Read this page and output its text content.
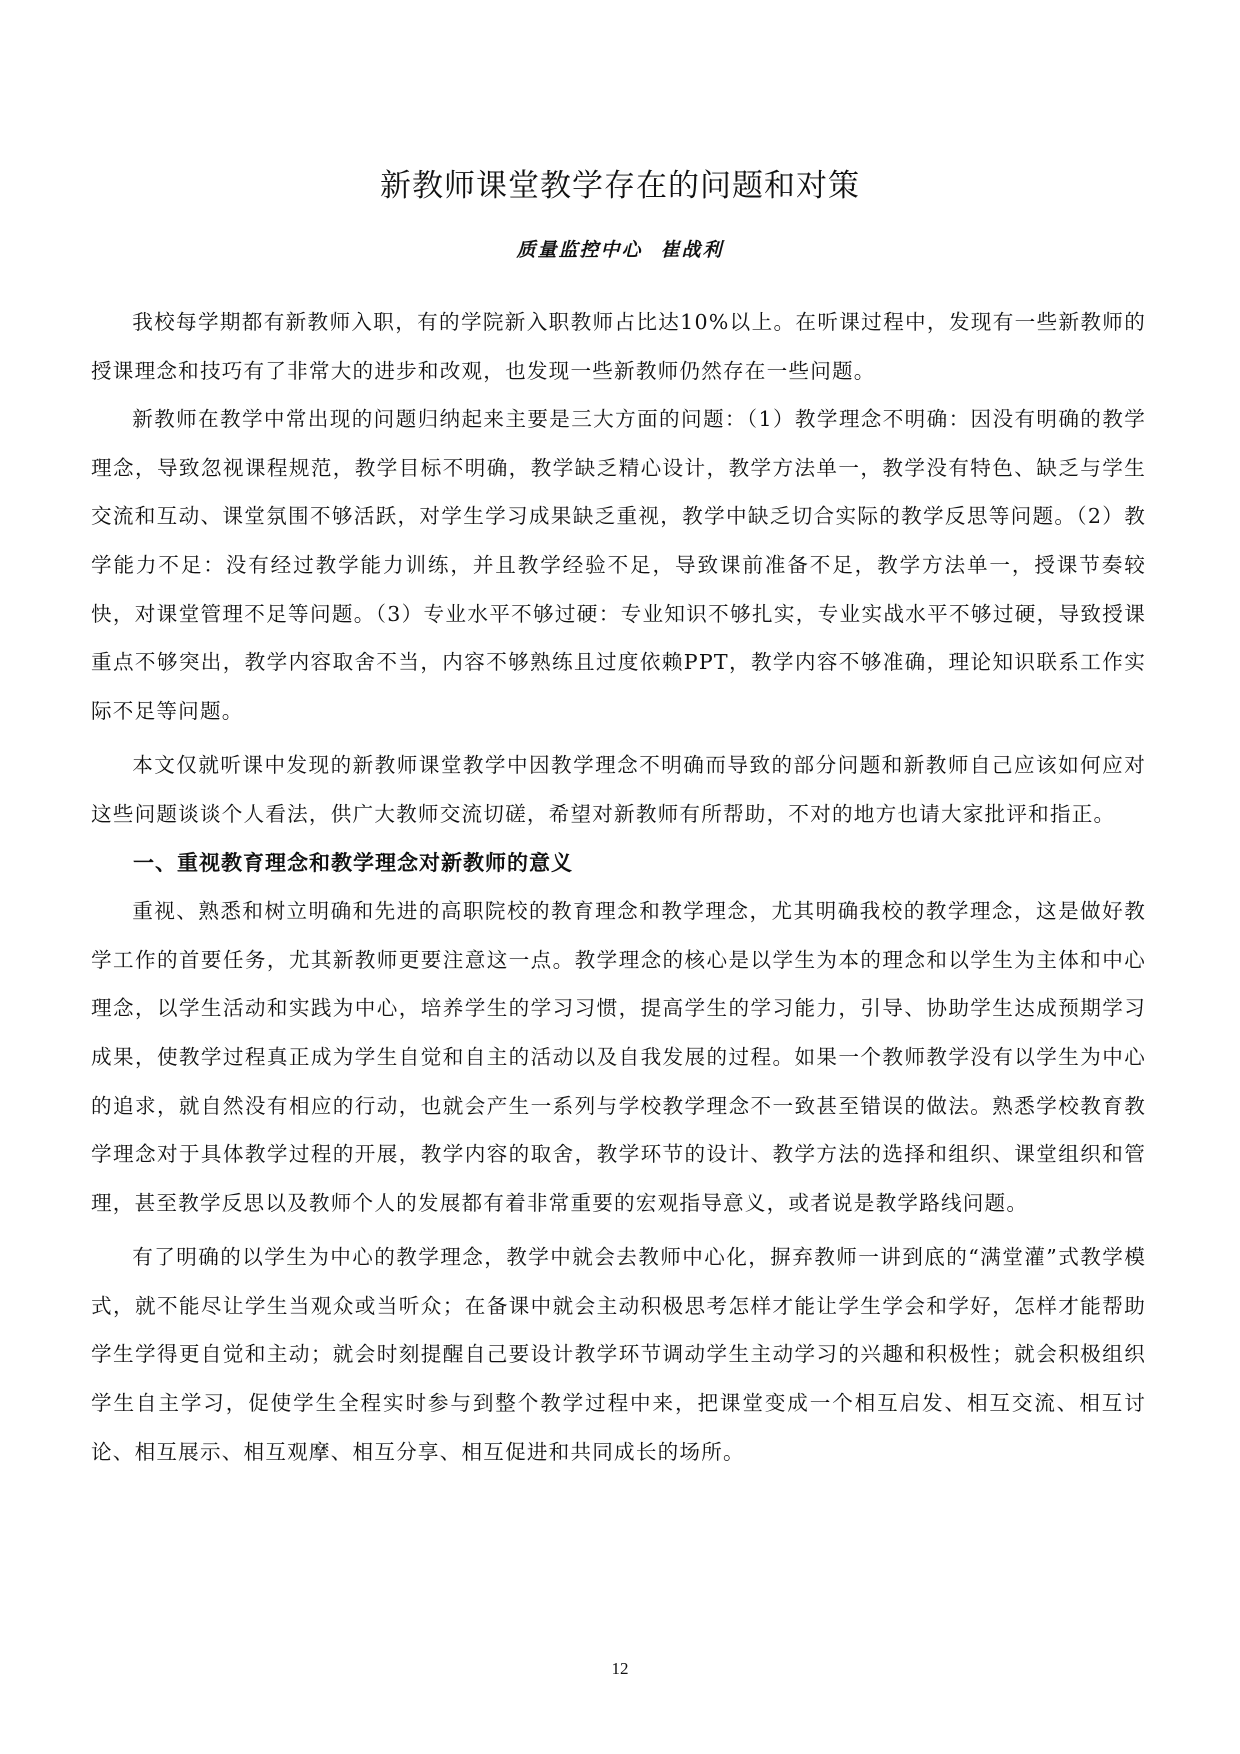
新教师课堂教学存在的问题和对策
质量监控中心 崔战利

我校每学期都有新教师入职，有的学院新入职教师占比达10%以上。在听课过程中，发现有一些新教师的授课理念和技巧有了非常大的进步和改观，也发现一些新教师仍然存在一些问题。

新教师在教学中常出现的问题归纳起来主要是三大方面的问题：（1）教学理念不明确：因没有明确的教学理念，导致忽视课程规范，教学目标不明确，教学缺乏精心设计，教学方法单一，教学没有特色、缺乏与学生交流和互动、课堂氛围不够活跃，对学生学习成果缺乏重视，教学中缺乏切合实际的教学反思等问题。（2）教学能力不足：没有经过教学能力训练，并且教学经验不足，导致课前准备不足，教学方法单一，授课节奏较快，对课堂管理不足等问题。（3）专业水平不够过硬：专业知识不够扎实，专业实战水平不够过硬，导致授课重点不够突出，教学内容取舍不当，内容不够熟练且过度依赖PPT，教学内容不够准确，理论知识联系工作实际不足等问题。

本文仅就听课中发现的新教师课堂教学中因教学理念不明确而导致的部分问题和新教师自己应该如何应对这些问题谈谈个人看法，供广大教师交流切磋，希望对新教师有所帮助，不对的地方也请大家批评和指正。

一、重视教育理念和教学理念对新教师的意义

重视、熟悉和树立明确和先进的高职院校的教育理念和教学理念，尤其明确我校的教学理念，这是做好教学工作的首要任务，尤其新教师更要注意这一点。教学理念的核心是以学生为本的理念和以学生为主体和中心理念，以学生活动和实践为中心，培养学生的学习习惯，提高学生的学习能力，引导、协助学生达成预期学习成果，使教学过程真正成为学生自觉和自主的活动以及自我发展的过程。如果一个教师教学没有以学生为中心的追求，就自然没有相应的行动，也就会产生一系列与学校教学理念不一致甚至错误的做法。熟悉学校教育教学理念对于具体教学过程的开展，教学内容的取舍，教学环节的设计、教学方法的选择和组织、课堂组织和管理，甚至教学反思以及教师个人的发展都有着非常重要的宏观指导意义，或者说是教学路线问题。

有了明确的以学生为中心的教学理念，教学中就会去教师中心化，摒弃教师一讲到底的“满堂灌”式教学模式，就不能尽让学生当观众或当听众；在备课中就会主动积极思考怎样才能让学生学会和学好，怎样才能帮助学生学得更自觉和主动；就会时刻提醒自己要设计教学环节调动学生主动学习的兴趣和积极性；就会积极组织学生自主学习，促使学生全程实时参与到整个教学过程中来，把课堂变成一个相互启发、相互交流、相互讨论、相互展示、相互观摩、相互分享、相互促进和共同成长的场所。

12
